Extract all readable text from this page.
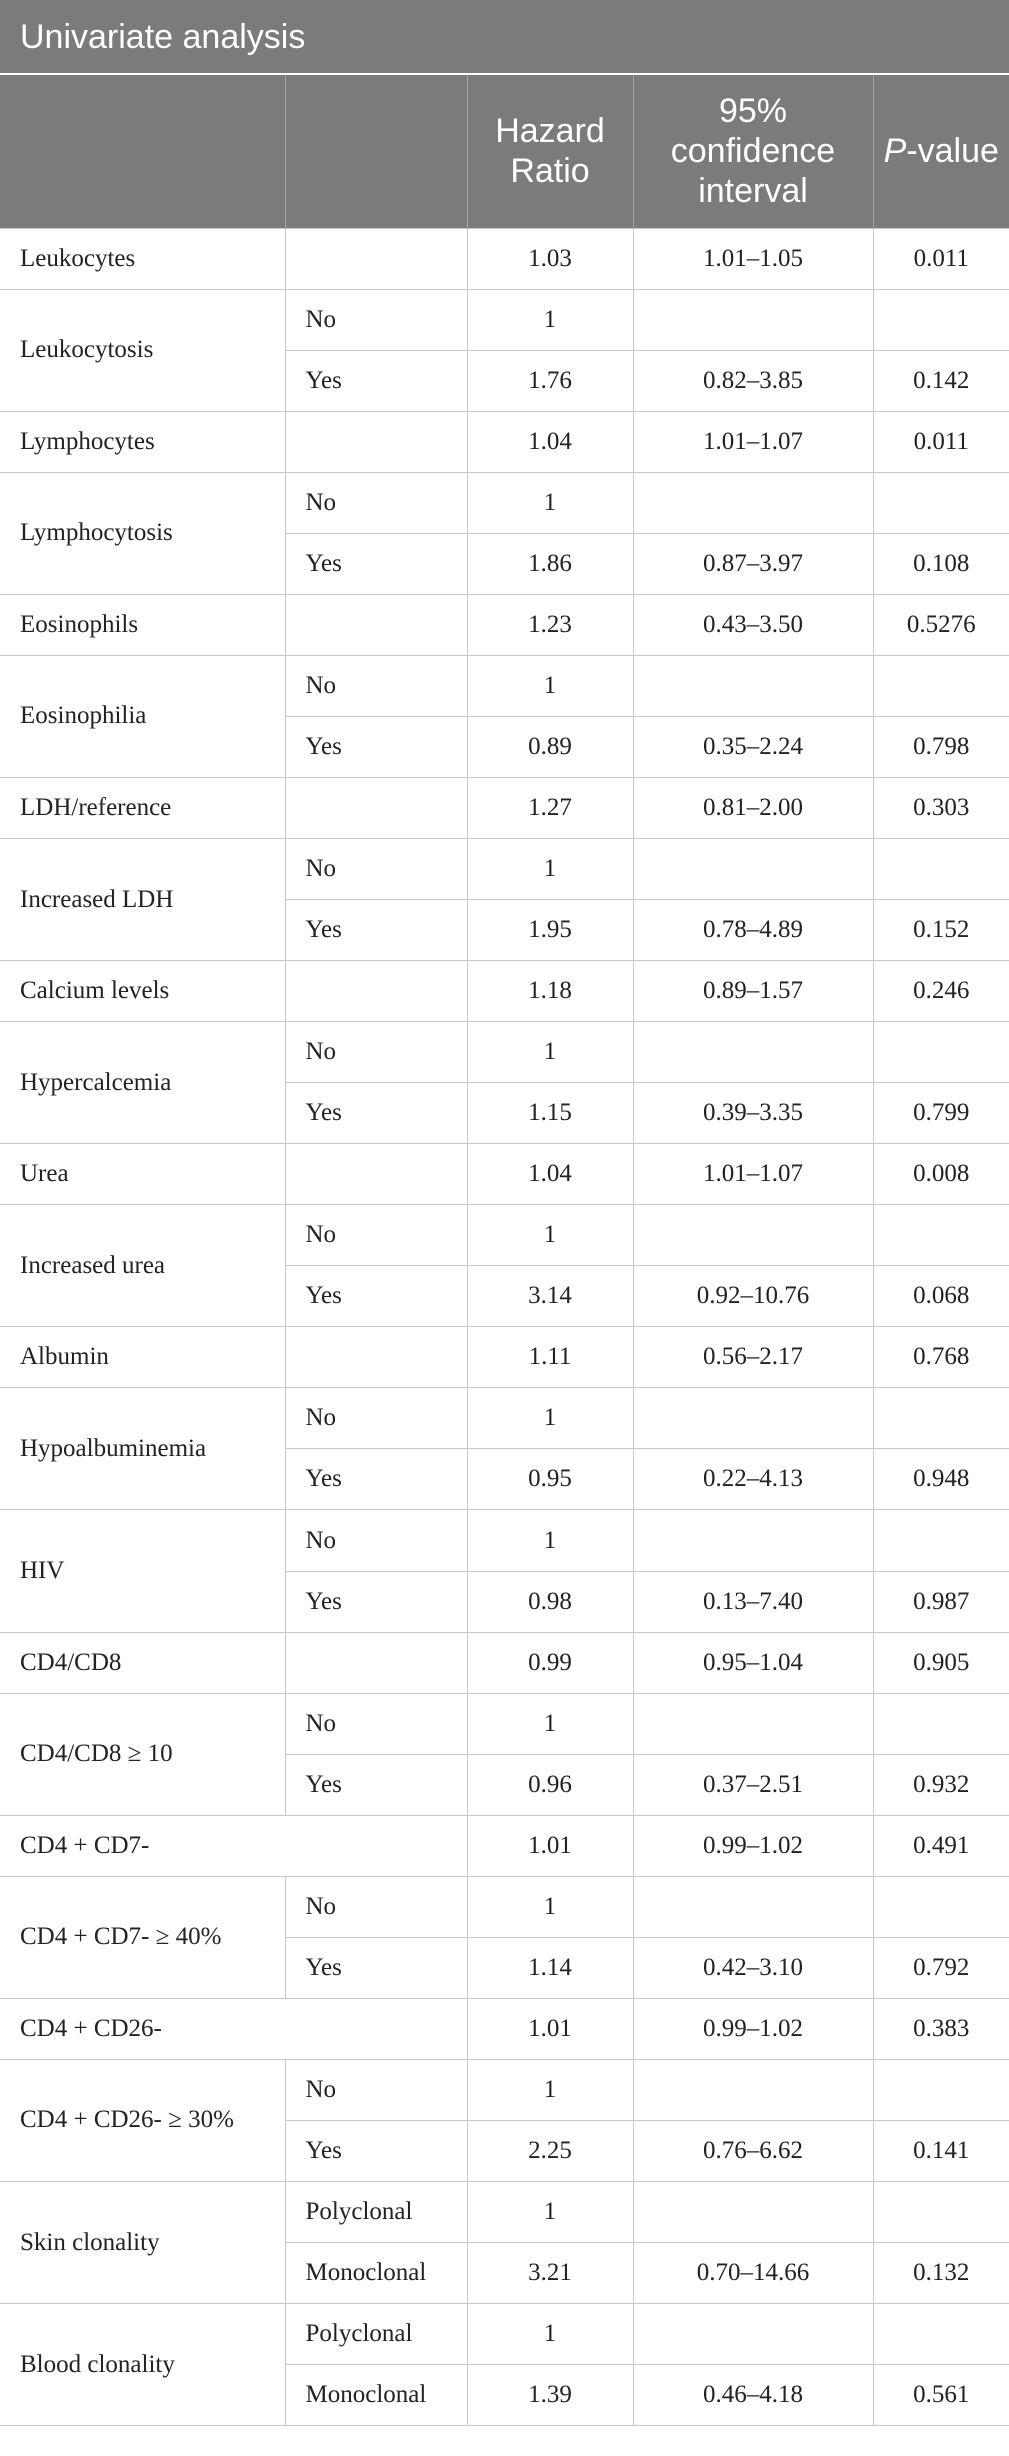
Univariate analysis
		Hazard Ratio	95% confidence interval	P-value
Leukocytes		1.03	1.01–1.05	0.011
Leukocytosis	No	1		
	Yes	1.76	0.82–3.85	0.142
Lymphocytes		1.04	1.01–1.07	0.011
Lymphocytosis	No	1		
	Yes	1.86	0.87–3.97	0.108
Eosinophils		1.23	0.43–3.50	0.5276
Eosinophilia	No	1		
	Yes	0.89	0.35–2.24	0.798
LDH/reference		1.27	0.81–2.00	0.303
Increased LDH	No	1		
	Yes	1.95	0.78–4.89	0.152
Calcium levels		1.18	0.89–1.57	0.246
Hypercalcemia	No	1		
	Yes	1.15	0.39–3.35	0.799
Urea		1.04	1.01–1.07	0.008
Increased urea	No	1		
	Yes	3.14	0.92–10.76	0.068
Albumin		1.11	0.56–2.17	0.768
Hypoalbuminemia	No	1		
	Yes	0.95	0.22–4.13	0.948
HIV	No	1		
	Yes	0.98	0.13–7.40	0.987
CD4/CD8		0.99	0.95–1.04	0.905
CD4/CD8 ≥ 10	No	1		
	Yes	0.96	0.37–2.51	0.932
CD4 + CD7-		1.01	0.99–1.02	0.491
CD4 + CD7- ≥ 40%	No	1		
	Yes	1.14	0.42–3.10	0.792
CD4 + CD26-		1.01	0.99–1.02	0.383
CD4 + CD26- ≥ 30%	No	1		
	Yes	2.25	0.76–6.62	0.141
Skin clonality	Polyclonal	1		
	Monoclonal	3.21	0.70–14.66	0.132
Blood clonality	Polyclonal	1		
	Monoclonal	1.39	0.46–4.18	0.561
